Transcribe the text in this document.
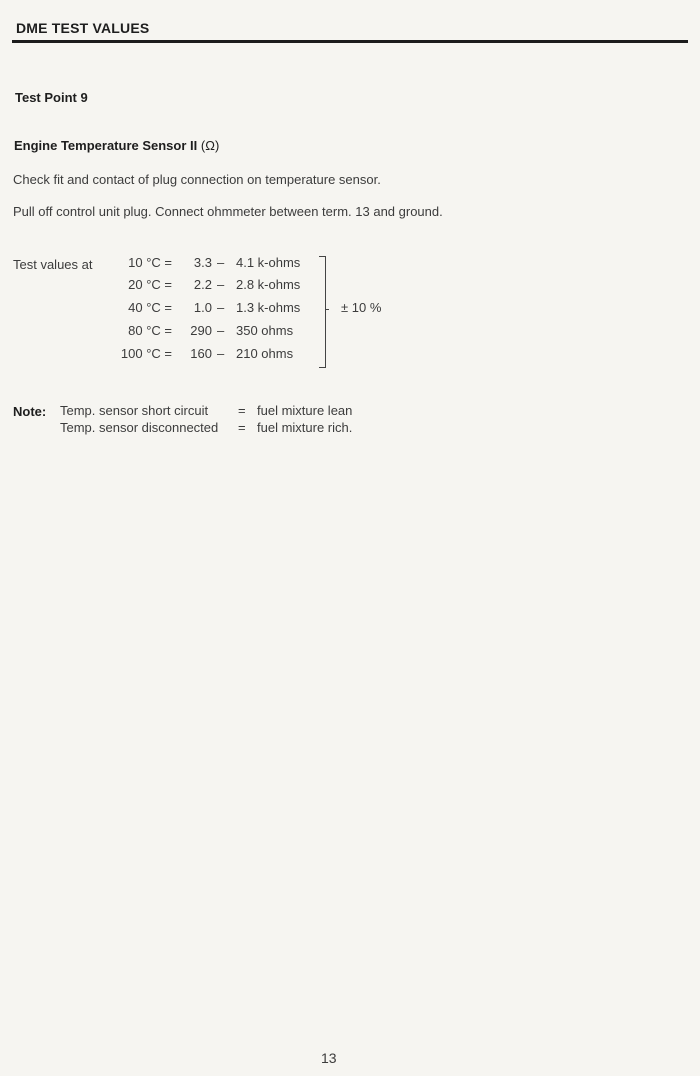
DME TEST VALUES
Test Point 9
Engine Temperature Sensor II (Ω)
Check fit and contact of plug connection on temperature sensor.
Pull off control unit plug. Connect ohmmeter between term. 13 and ground.
Test values at	10 °C =	3.3 – 4.1 k-ohms
20 °C =	2.2 – 2.8 k-ohms
40 °C =	1.0 – 1.3 k-ohms
80 °C =	290 – 350 ohms
100 °C =	160 – 210 ohms
± 10 %
Note: Temp. sensor short circuit = fuel mixture lean
Temp. sensor disconnected = fuel mixture rich.
13
